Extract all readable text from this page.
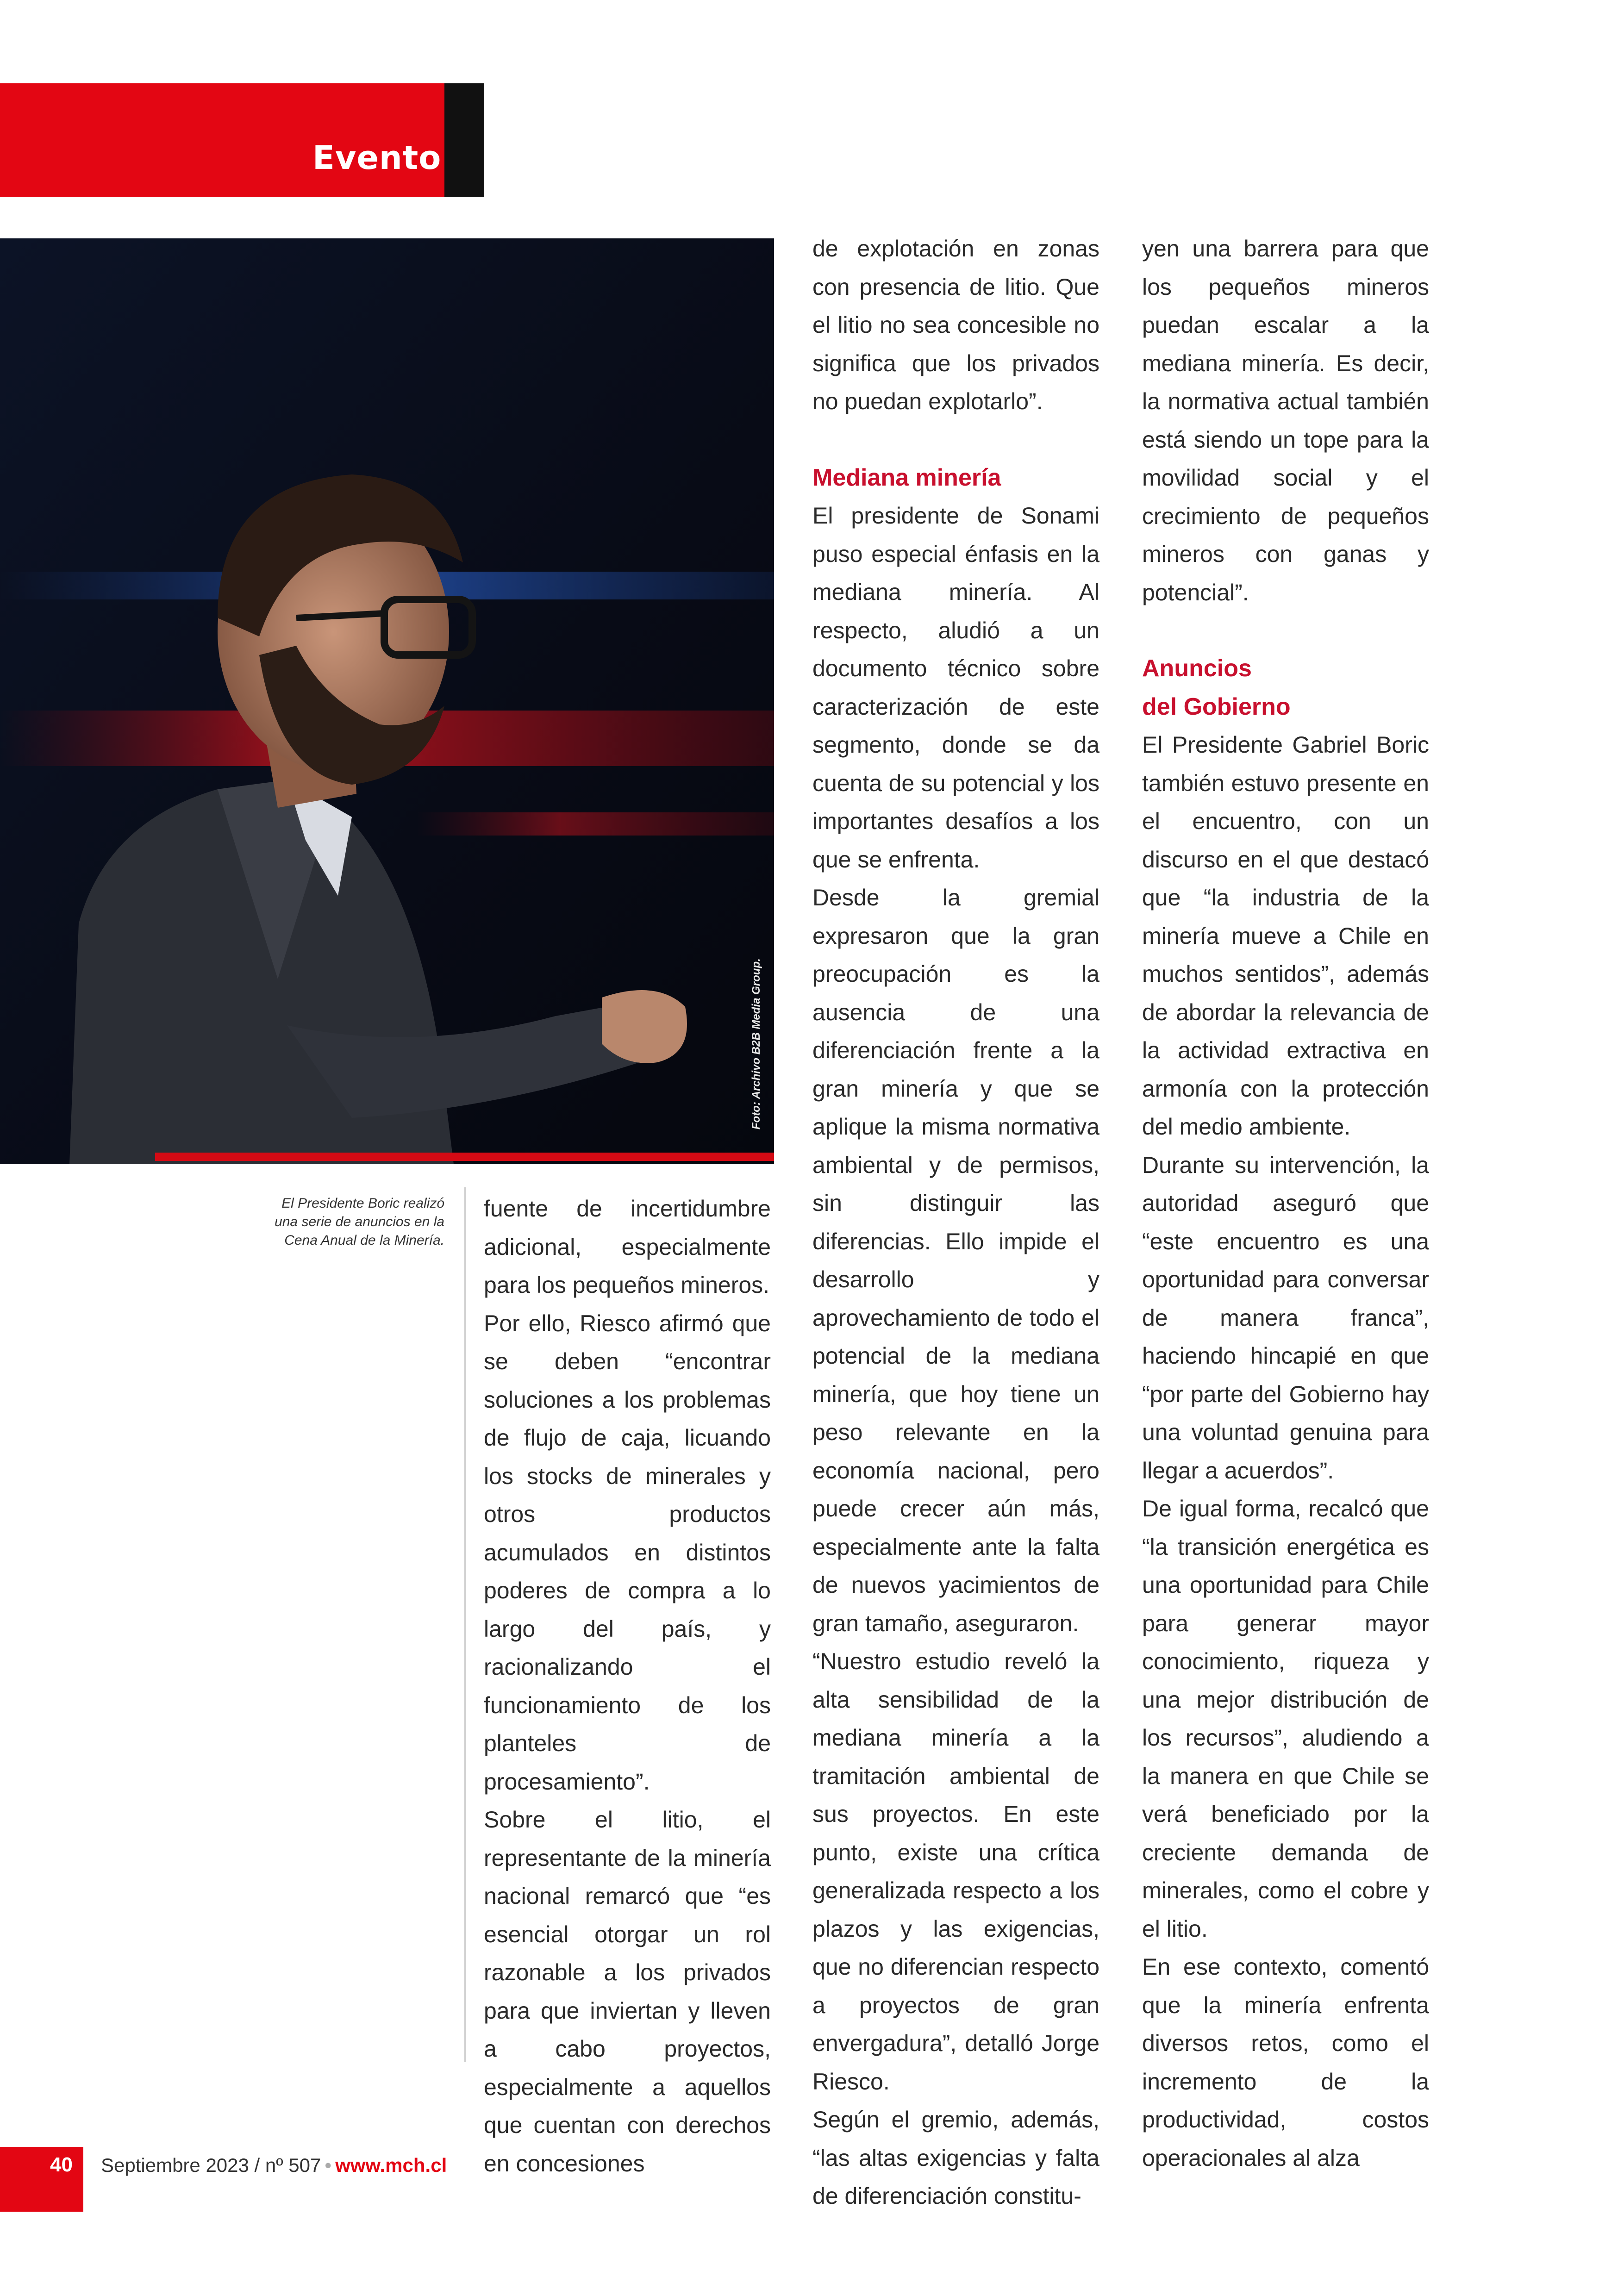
Evento
Foto: Archivo B2B Media Group.
El Presidente Boric realizó
una serie de anuncios en la
Cena Anual de la Minería.

fuente de incertidumbre adicional, especialmente para los pequeños mineros.

Por ello, Riesco afirmó que se deben “encontrar soluciones a los problemas de flujo de caja, licuando los stocks de minerales y otros productos acumulados en distintos poderes de compra a lo largo del país, y racionalizando el funcionamiento de los planteles de procesamiento”.

Sobre el litio, el representante de la minería nacional remarcó que “es esencial otorgar un rol razonable a los privados para que inviertan y lleven a cabo proyectos, especialmente a aquellos que cuentan con derechos en concesiones

de explotación en zonas con presencia de litio. Que el litio no sea concesible no significa que los privados no puedan explotarlo”.

Mediana minería

El presidente de Sonami puso especial énfasis en la mediana minería. Al respecto, aludió a un documento técnico sobre caracterización de este segmento, donde se da cuenta de su potencial y los importantes desafíos a los que se enfrenta.

Desde la gremial expresaron que la gran preocupación es la ausencia de una diferenciación frente a la gran minería y que se aplique la misma normativa ambiental y de permisos, sin distinguir las diferencias. Ello impide el desarrollo y aprovechamiento de todo el potencial de la mediana minería, que hoy tiene un peso relevante en la economía nacional, pero puede crecer aún más, especialmente ante la falta de nuevos yacimientos de gran tamaño, aseguraron.

“Nuestro estudio reveló la alta sensibilidad de la mediana minería a la tramitación ambiental de sus proyectos. En este punto, existe una crítica generalizada respecto a los plazos y las exigencias, que no diferencian respecto a proyectos de gran envergadura”, detalló Jorge Riesco.

Según el gremio, además, “las altas exigencias y falta de diferenciación constitu-

yen una barrera para que los pequeños mineros puedan escalar a la mediana minería. Es decir, la normativa actual también está siendo un tope para la movilidad social y el crecimiento de pequeños mineros con ganas y potencial”.

Anuncios
del Gobierno

El Presidente Gabriel Boric también estuvo presente en el encuentro, con un discurso en el que destacó que “la industria de la minería mueve a Chile en muchos sentidos”, además de abordar la relevancia de la actividad extractiva en armonía con la protección del medio ambiente.

Durante su intervención, la autoridad aseguró que “este encuentro es una oportunidad para conversar de manera franca”, haciendo hincapié en que “por parte del Gobierno hay una voluntad genuina para llegar a acuerdos”.

De igual forma, recalcó que “la transición energética es una oportunidad para Chile para generar mayor conocimiento, riqueza y una mejor distribución de los recursos”, aludiendo a la manera en que Chile se verá beneficiado por la creciente demanda de minerales, como el cobre y el litio.

En ese contexto, comentó que la minería enfrenta diversos retos, como el incremento de la productividad, costos operacionales al alza

40 Septiembre 2023 / nº 507 • www.mch.cl
